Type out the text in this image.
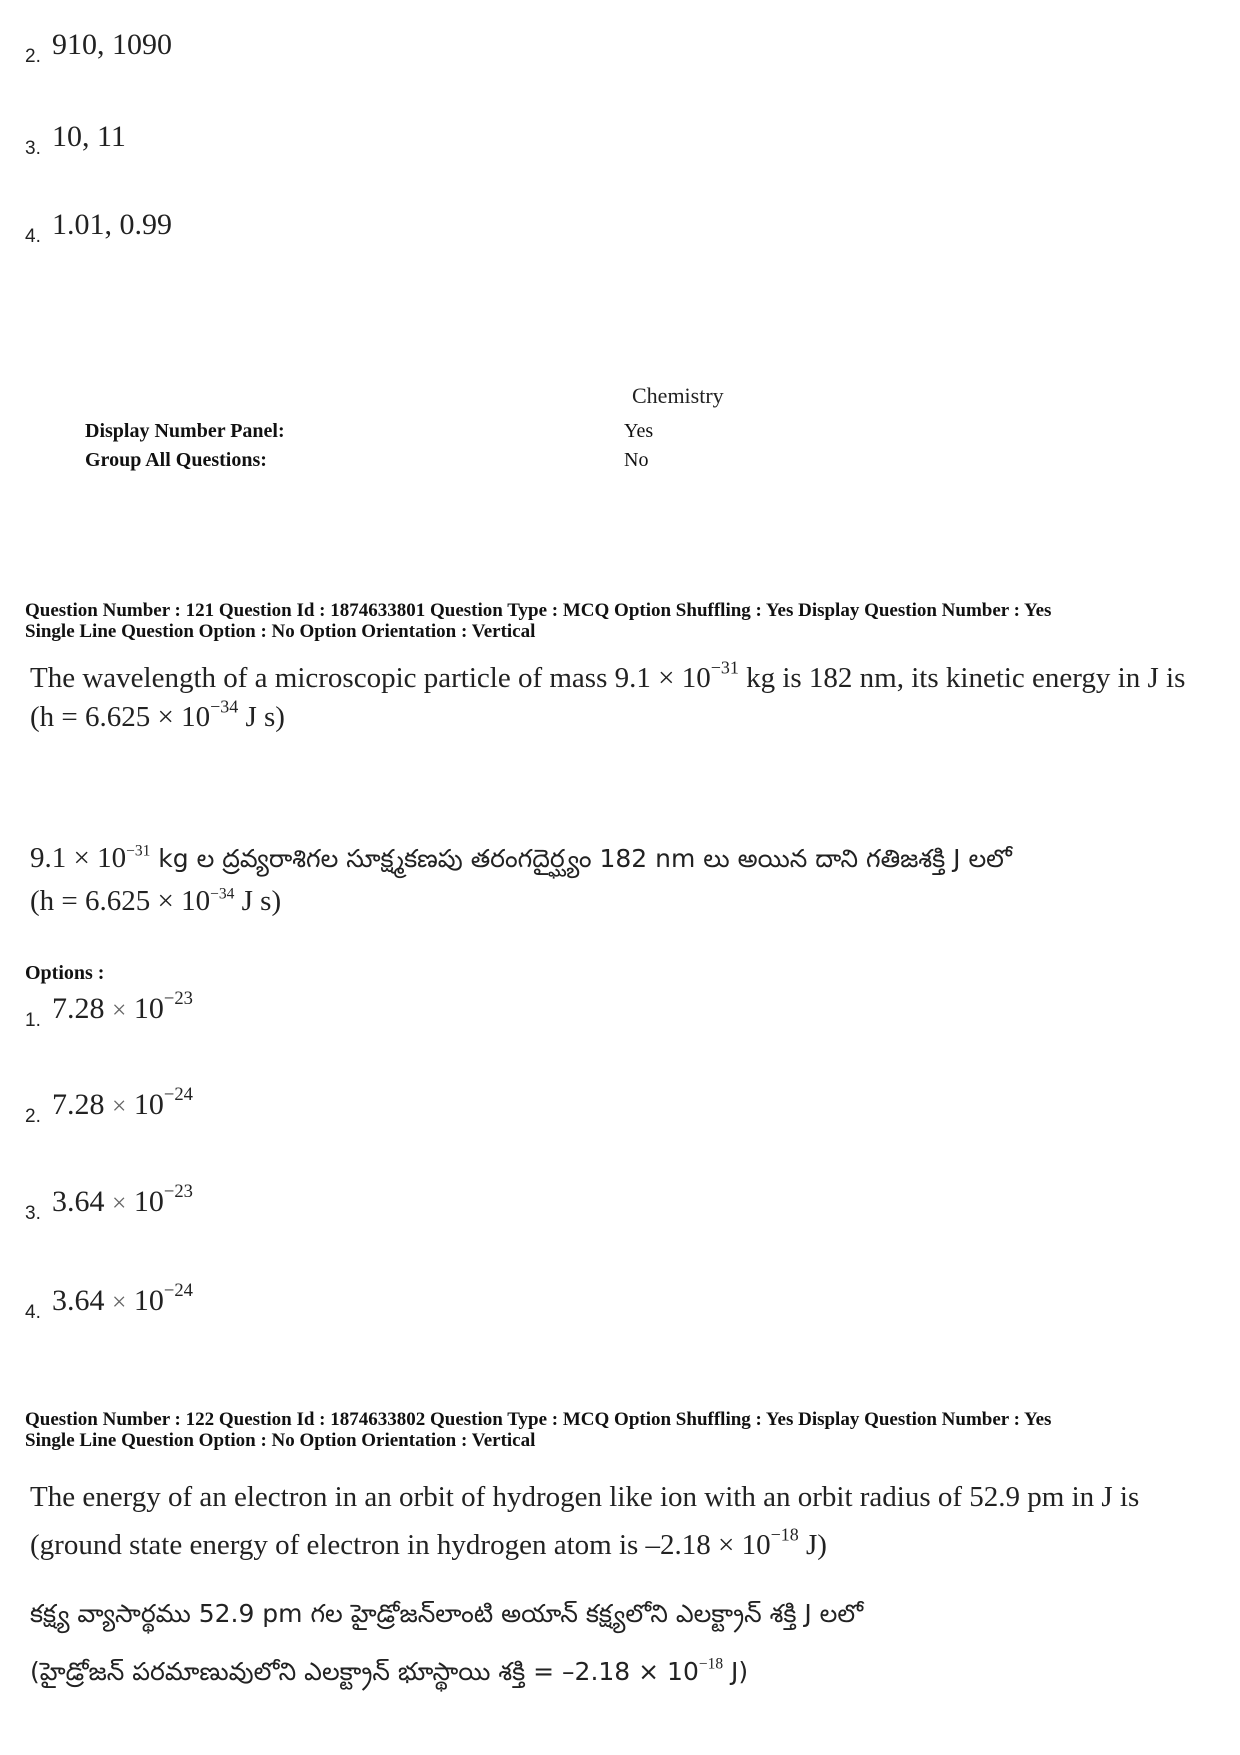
2. 910, 1090
3. 10, 11
4. 1.01, 0.99
Chemistry
Display Number Panel:	Yes
Group All Questions:	No
Question Number : 121 Question Id : 1874633801 Question Type : MCQ Option Shuffling : Yes Display Question Number : Yes
Single Line Question Option : No Option Orientation : Vertical
The wavelength of a microscopic particle of mass $9.1 \times 10^{-31}$ kg is 182 nm, its kinetic energy in J is
($h = 6.625 \times 10^{-34}$ J s)
$9.1 \times 10^{-31}$ kg ల ద్రవ్యరాశిగల సూక్ష్మకణపు తరంగదైర్ఘ్యం 182 nm లు అయిన దాని గతిజశక్తి J లలో
($h = 6.625 \times 10^{-34}$ J s)
Options :
1. $7.28 \times 10^{-23}$
2. $7.28 \times 10^{-24}$
3. $3.64 \times 10^{-23}$
4. $3.64 \times 10^{-24}$
Question Number : 122 Question Id : 1874633802 Question Type : MCQ Option Shuffling : Yes Display Question Number : Yes
Single Line Question Option : No Option Orientation : Vertical
The energy of an electron in an orbit of hydrogen like ion with an orbit radius of 52.9 pm in J is
(ground state energy of electron in hydrogen atom is $-2.18 \times 10^{-18}$ J)
కక్ష్య వ్యాసార్థము 52.9 pm గల హైడ్రోజన్‌లాంటి అయాన్ కక్ష్యలోని ఎలక్ట్రాన్ శక్తి J లలో
(హైడ్రోజన్ పరమాణువులోని ఎలక్ట్రాన్ భూస్థాయి శక్తి = $-2.18 \times 10^{-18}$ J)
